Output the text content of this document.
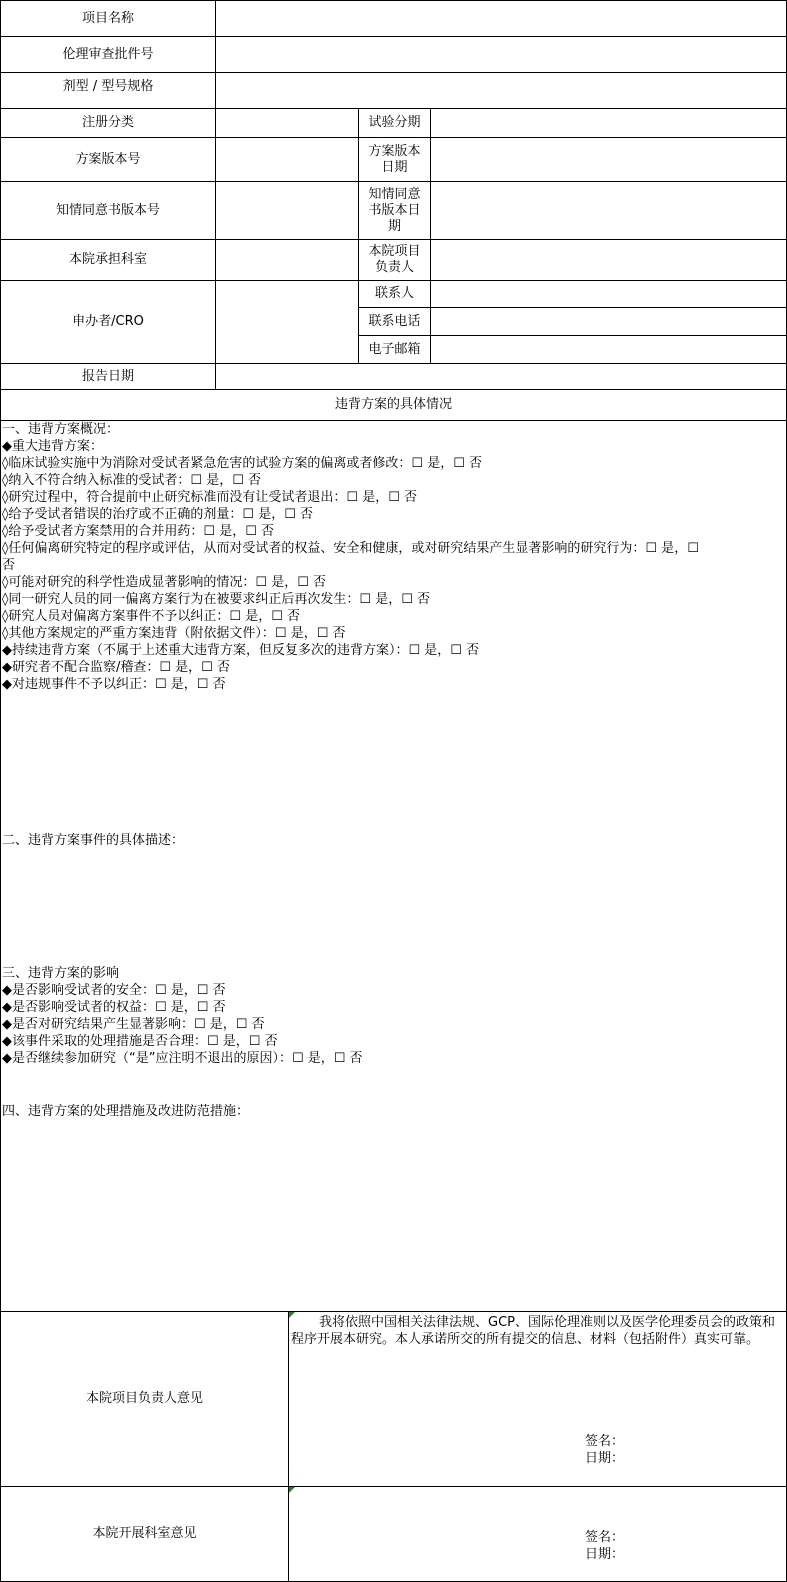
项目名称
伦理审查批件号
剂型 / 型号规格
注册分类	试验分期
方案版本号
方案版本日期
知情同意书版本号
知情同意书版本日期
本院承担科室
本院项目负责人
申办者/CRO
联系人
联系电话
电子邮箱
报告日期
违背方案的具体情况
一、违背方案概况：
◆重大违背方案：
◊临床试验实施中为消除对受试者紧急危害的试验方案的偏离或者修改：☐ 是，☐ 否
◊纳入不符合纳入标准的受试者：☐ 是，☐ 否
◊研究过程中，符合提前中止研究标准而没有让受试者退出：☐ 是，☐ 否
◊给予受试者错误的治疗或不正确的剂量：☐ 是，☐ 否
◊给予受试者方案禁用的合并用药：☐ 是，☐ 否
◊任何偏离研究特定的程序或评估，从而对受试者的权益、安全和健康，或对研究结果产生显著影响的研究行为：☐ 是，☐
否
◊可能对研究的科学性造成显著影响的情况：☐ 是，☐ 否
◊同一研究人员的同一偏离方案行为在被要求纠正后再次发生：☐ 是，☐ 否
◊研究人员对偏离方案事件不予以纠正：☐ 是，☐ 否
◊其他方案规定的严重方案违背（附依据文件）：☐ 是，☐ 否
◆持续违背方案（不属于上述重大违背方案，但反复多次的违背方案）：☐ 是，☐ 否
◆研究者不配合监察/稽查：☐ 是，☐ 否
◆对违规事件不予以纠正：☐ 是，☐ 否
二、违背方案事件的具体描述：
三、违背方案的影响
◆是否影响受试者的安全：☐ 是，☐ 否
◆是否影响受试者的权益：☐ 是，☐ 否
◆是否对研究结果产生显著影响：☐ 是，☐ 否
◆该事件采取的处理措施是否合理：☐ 是，☐ 否
◆是否继续参加研究（“是”应注明不退出的原因）：☐ 是，☐ 否
四、违背方案的处理措施及改进防范措施：
本院项目负责人意见
我将依照中国相关法律法规、GCP、国际伦理准则以及医学伦理委员会的政策和程序开展本研究。本人承诺所交的所有提交的信息、材料（包括附件）真实可靠。
签名：
日期：
本院开展科室意见	签名：
日期：
